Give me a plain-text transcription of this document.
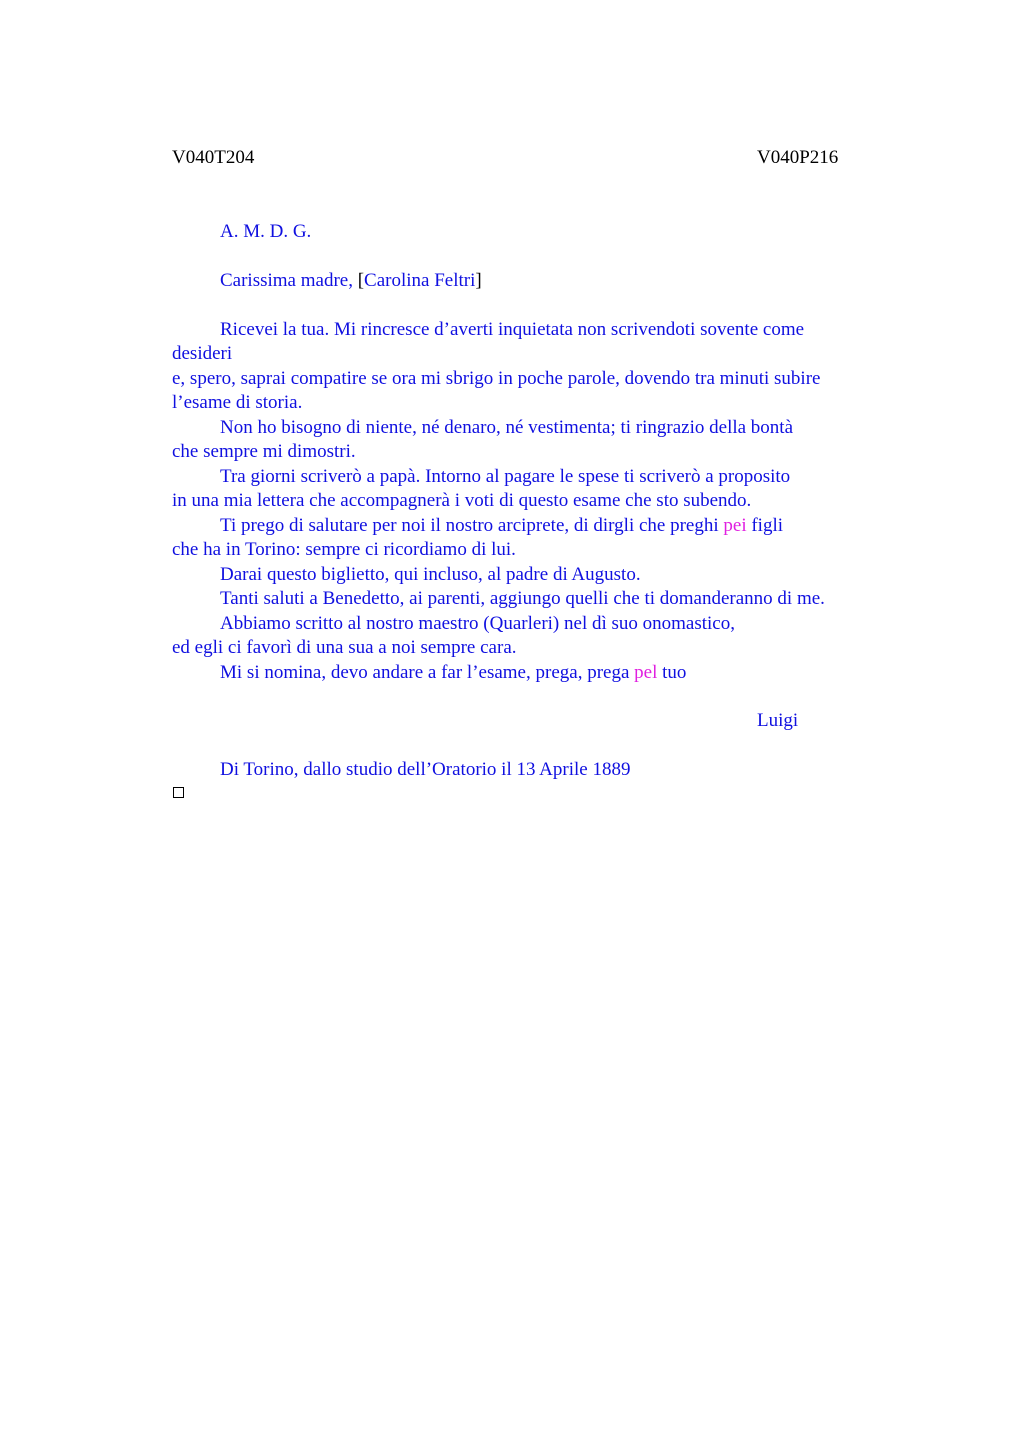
V040T204	V040P216
A. M. D. G.
Carissima madre, [Carolina Feltri]
Ricevei la tua. Mi rincresce d’averti inquietata non scrivendoti sovente come
desideri
e, spero, saprai compatire se ora mi sbrigo in poche parole, dovendo tra minuti subire
l’esame di storia.
Non ho bisogno di niente, né denaro, né vestimenta; ti ringrazio della bontà
che sempre mi dimostri.
Tra giorni scriverò a papà. Intorno al pagare le spese ti scriverò a proposito
in una mia lettera che accompagnerà i voti di questo esame che sto subendo.
Ti prego di salutare per noi il nostro arciprete, di dirgli che preghi pei figli
che ha in Torino: sempre ci ricordiamo di lui.
Darai questo biglietto, qui incluso, al padre di Augusto.
Tanti saluti a Benedetto, ai parenti, aggiungo quelli che ti domanderanno di me.
Abbiamo scritto al nostro maestro (Quarleri) nel dì suo onomastico,
ed egli ci favorì di una sua a noi sempre cara.
Mi si nomina, devo andare a far l’esame, prega, prega pel tuo
Luigi
Di Torino, dallo studio dell’Oratorio il 13 Aprile 1889
